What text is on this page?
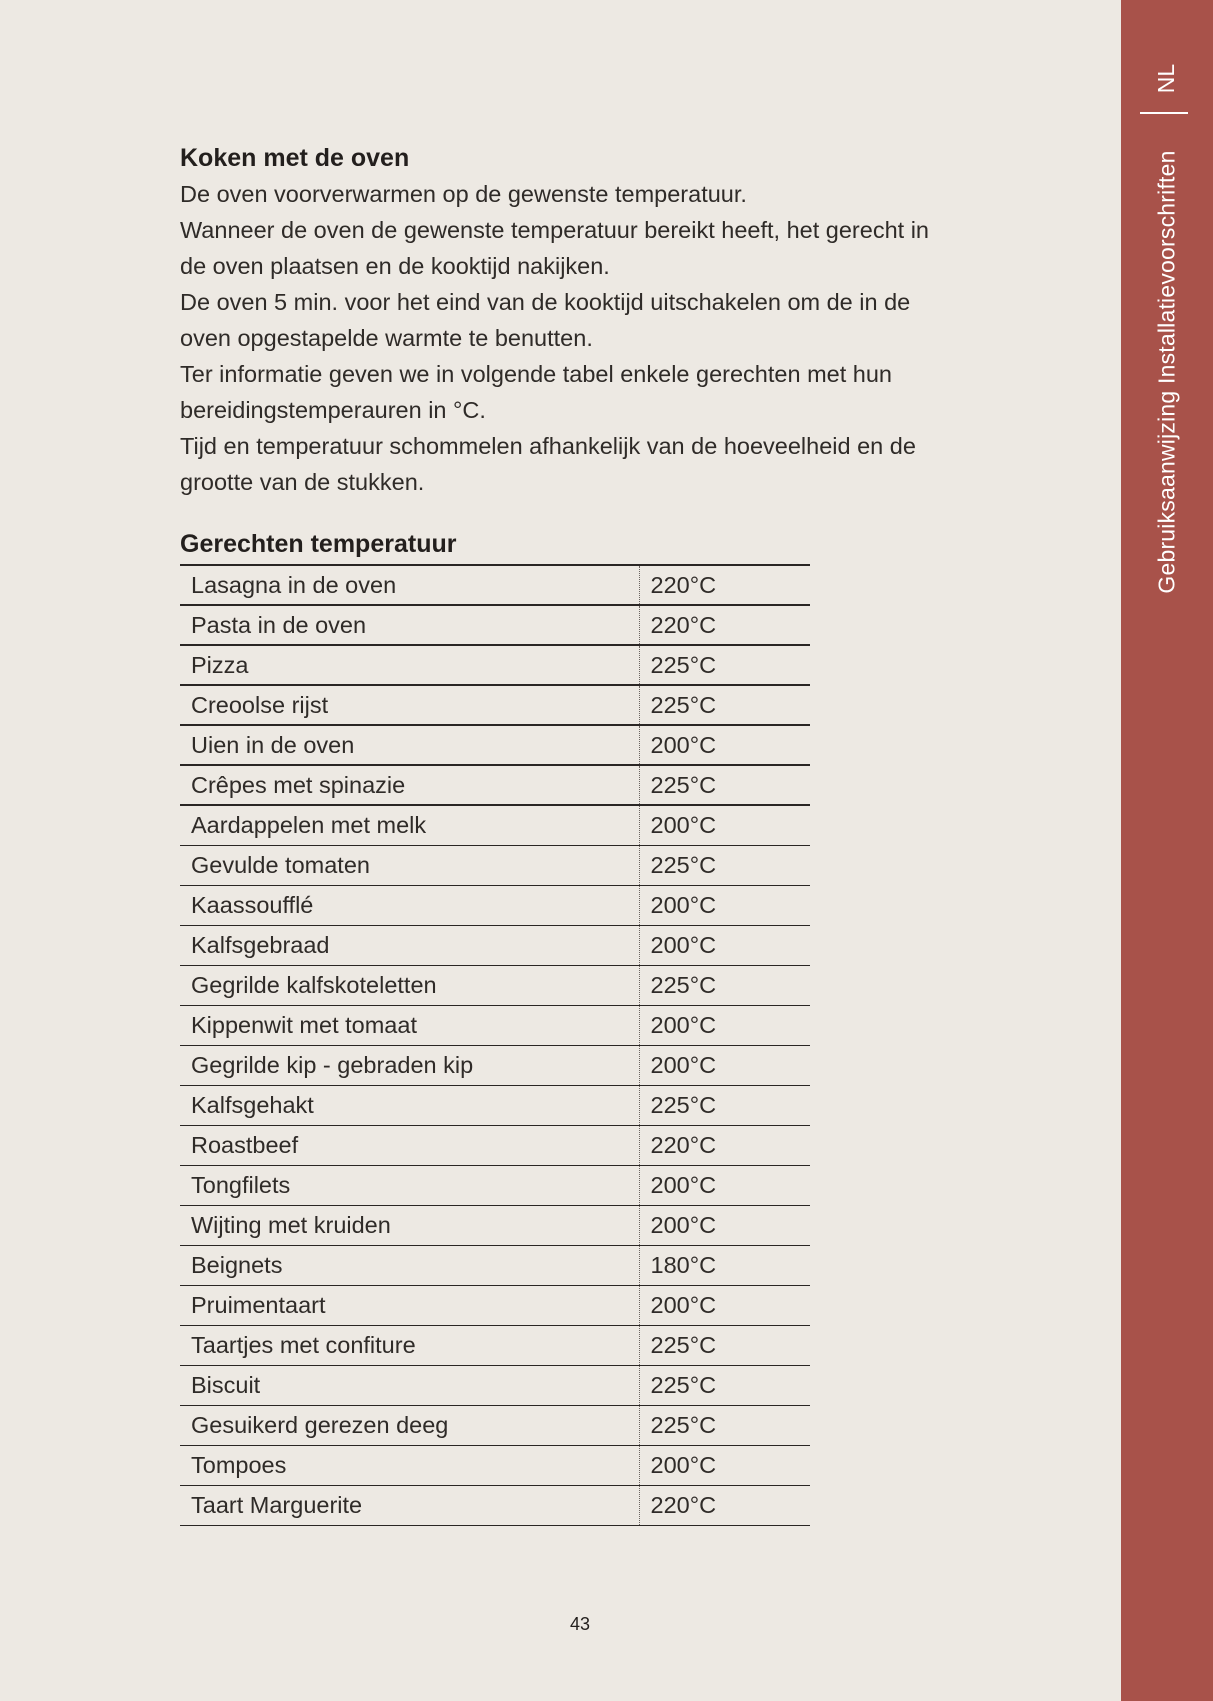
NL
Gebruiksaanwijzing Installatievoorschriften
Koken met de oven

De oven voorverwarmen op de gewenste temperatuur.

Wanneer de oven de gewenste temperatuur bereikt heeft, het gerecht in

de oven plaatsen en de kooktijd nakijken.

De oven 5 min. voor het eind van de kooktijd uitschakelen om de in de

oven opgestapelde warmte te benutten.

Ter informatie geven we in volgende tabel enkele gerechten met hun

bereidingstemperauren in °C.

Tijd en temperatuur schommelen afhankelijk van de hoeveelheid en de

grootte van de stukken.

Gerechten temperatuur
Lasagna in de oven	220°C
Pasta in de oven	220°C
Pizza	225°C
Creoolse rijst	225°C
Uien in de oven	200°C
Crêpes met spinazie	225°C
Aardappelen met melk	200°C
Gevulde tomaten	225°C
Kaassoufflé	200°C
Kalfsgebraad	200°C
Gegrilde kalfskoteletten	225°C
Kippenwit met tomaat	200°C
Gegrilde kip - gebraden kip	200°C
Kalfsgehakt	225°C
Roastbeef	220°C
Tongfilets	200°C
Wijting met kruiden	200°C
Beignets	180°C
Pruimentaart	200°C
Taartjes met confiture	225°C
Biscuit	225°C
Gesuikerd gerezen deeg	225°C
Tompoes	200°C
Taart Marguerite	220°C
43
